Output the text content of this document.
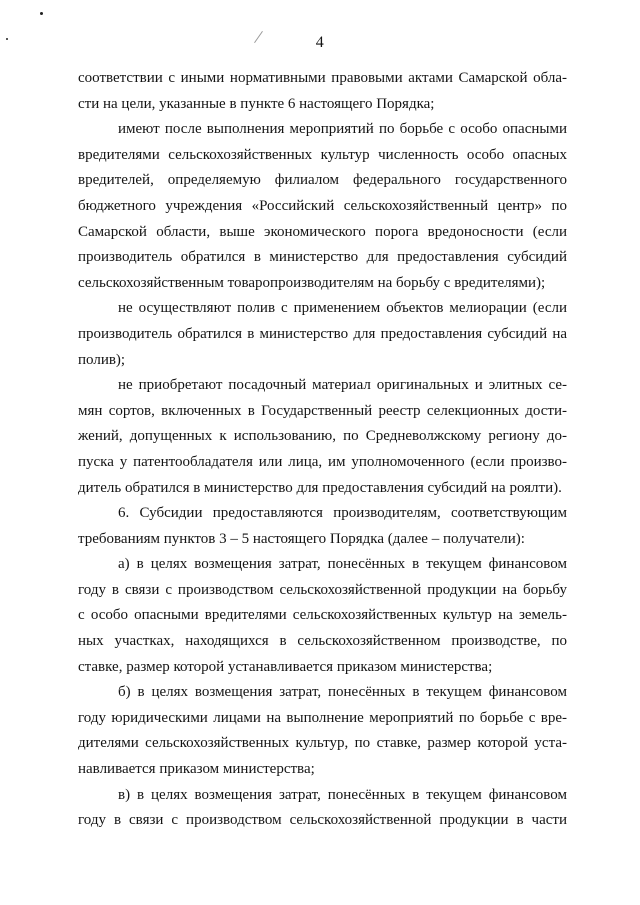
4
соответствии с иными нормативными правовыми актами Самарской обла-
сти на цели, указанные в пункте 6 настоящего Порядка;
имеют после выполнения мероприятий по борьбе с особо опасными
вредителями сельскохозяйственных культур численность особо опасных
вредителей, определяемую филиалом федерального государственного
бюджетного учреждения «Российский сельскохозяйственный центр» по
Самарской области, выше экономического порога вредоносности (если
производитель обратился в министерство для предоставления субсидий
сельскохозяйственным товаропроизводителям на борьбу с вредителями);
не осуществляют полив с применением объектов мелиорации (если
производитель обратился в министерство для предоставления субсидий на
полив);
не приобретают посадочный материал оригинальных и элитных се-
мян сортов, включенных в Государственный реестр селекционных дости-
жений, допущенных к использованию, по Средневолжскому региону до-
пуска у патентообладателя или лица, им уполномоченного (если произво-
дитель обратился в министерство для предоставления субсидий на роялти).
6. Субсидии предоставляются производителям, соответствующим
требованиям пунктов 3 – 5 настоящего Порядка (далее – получатели):
а) в целях возмещения затрат, понесённых в текущем финансовом
году в связи с производством сельскохозяйственной продукции на борьбу
с особо опасными вредителями сельскохозяйственных культур на земель-
ных участках, находящихся в сельскохозяйственном производстве, по
ставке, размер которой устанавливается приказом министерства;
б) в целях возмещения затрат, понесённых в текущем финансовом
году юридическими лицами на выполнение мероприятий по борьбе с вре-
дителями сельскохозяйственных культур, по ставке, размер которой уста-
навливается приказом министерства;
в) в целях возмещения затрат, понесённых в текущем финансовом
году в связи с производством сельскохозяйственной продукции в части
